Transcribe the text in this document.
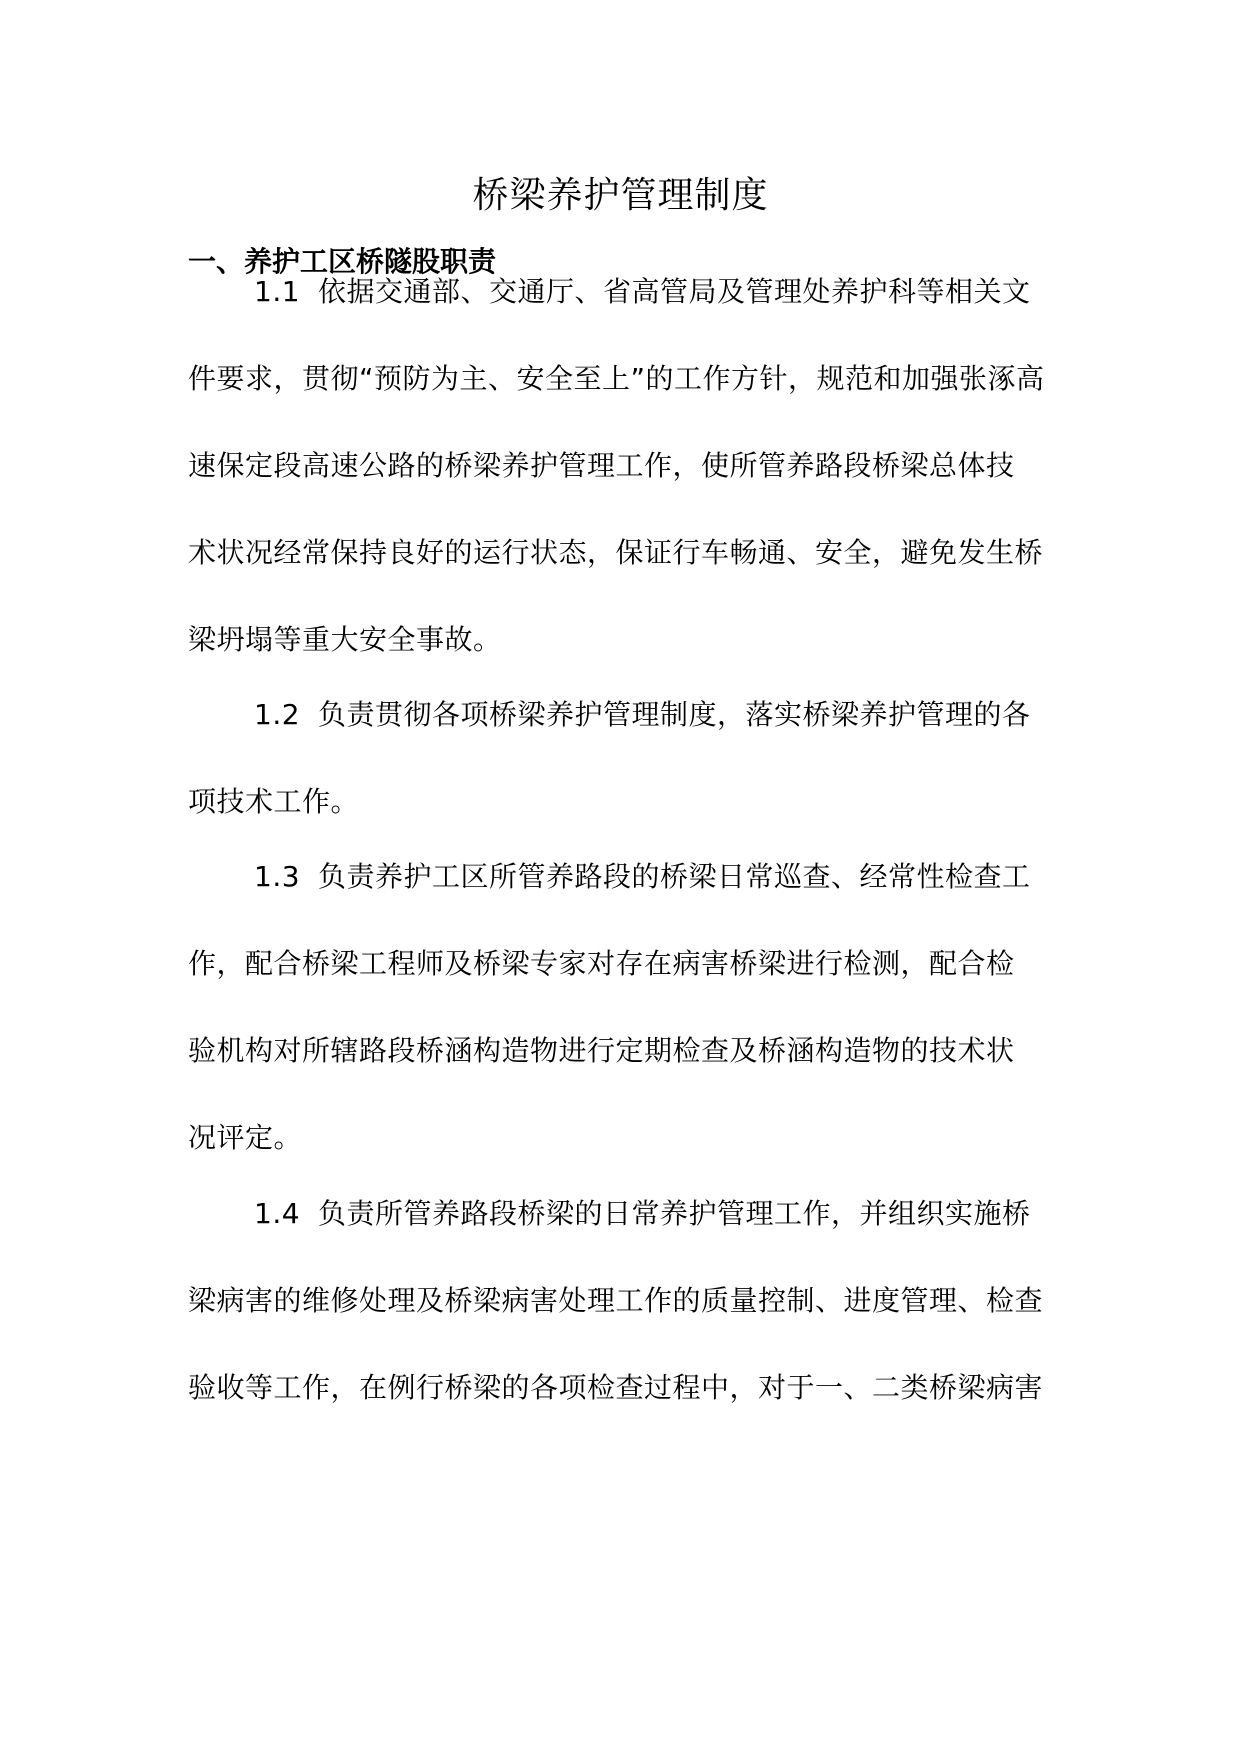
桥梁养护管理制度
一、养护工区桥隧股职责
1.1 依据交通部、交通厅、省高管局及管理处养护科等相关文
件要求，贯彻“预防为主、安全至上”的工作方针，规范和加强张涿高
速保定段高速公路的桥梁养护管理工作，使所管养路段桥梁总体技
术状况经常保持良好的运行状态，保证行车畅通、安全，避免发生桥
梁坍塌等重大安全事故。
1.2 负责贯彻各项桥梁养护管理制度，落实桥梁养护管理的各
项技术工作。
1.3 负责养护工区所管养路段的桥梁日常巡查、经常性检查工
作，配合桥梁工程师及桥梁专家对存在病害桥梁进行检测，配合检
验机构对所辖路段桥涵构造物进行定期检查及桥涵构造物的技术状
况评定。
1.4 负责所管养路段桥梁的日常养护管理工作，并组织实施桥
梁病害的维修处理及桥梁病害处理工作的质量控制、进度管理、检查
验收等工作，在例行桥梁的各项检查过程中，对于一、二类桥梁病害
